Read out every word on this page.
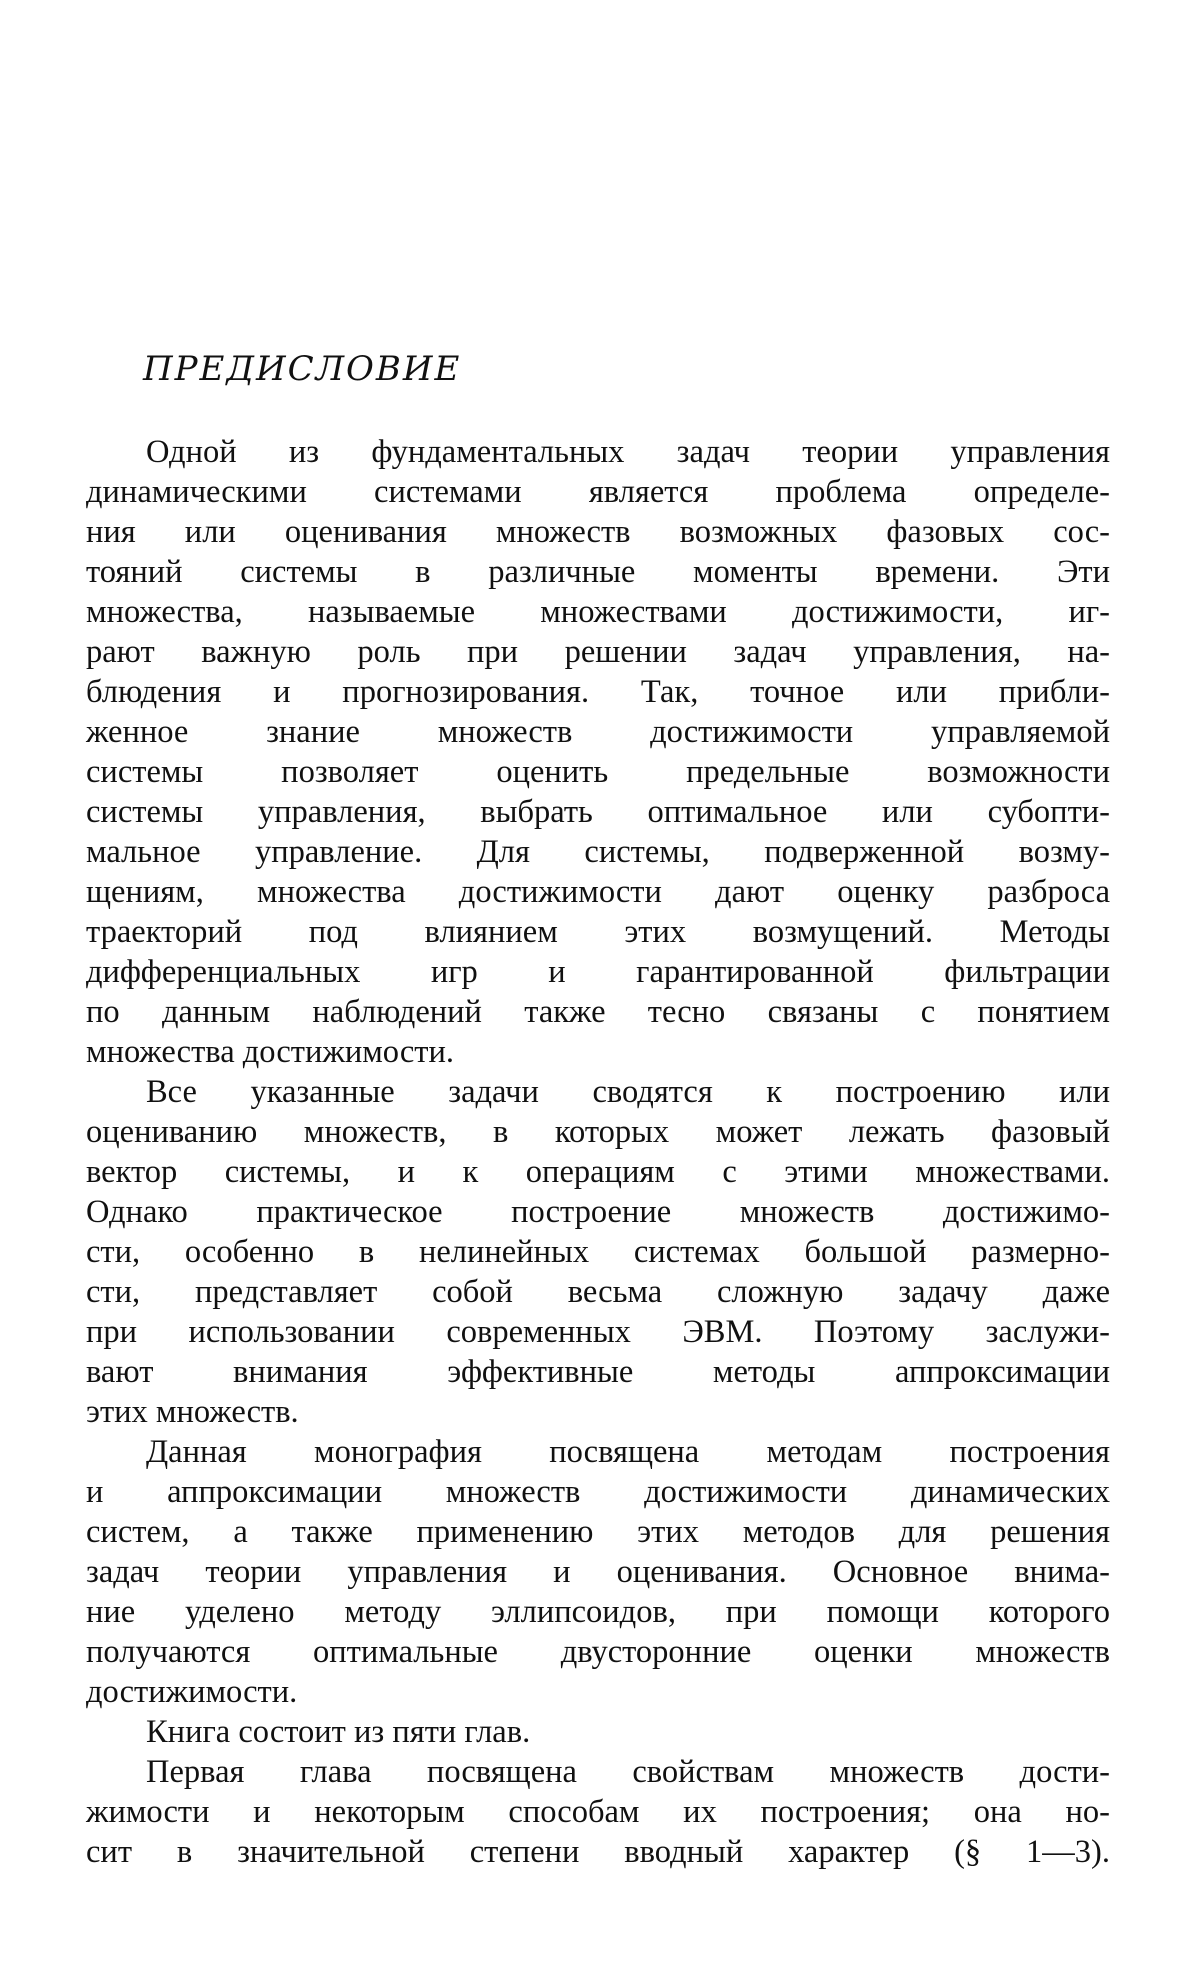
ПРЕДИСЛОВИЕ

Одной из фундаментальных задач теории управления
динамическими системами является проблема определе-
ния или оценивания множеств возможных фазовых сос-
тояний системы в различные моменты времени. Эти
множества, называемые множествами достижимости, иг-
рают важную роль при решении задач управления, на-
блюдения и прогнозирования. Так, точное или прибли-
женное знание множеств достижимости управляемой
системы позволяет оценить предельные возможности
системы управления, выбрать оптимальное или субопти-
мальное управление. Для системы, подверженной возму-
щениям, множества достижимости дают оценку разброса
траекторий под влиянием этих возмущений. Методы
дифференциальных игр и гарантированной фильтрации
по данным наблюдений также тесно связаны с понятием
множества достижимости.

Все указанные задачи сводятся к построению или
оцениванию множеств, в которых может лежать фазовый
вектор системы, и к операциям с этими множествами.
Однако практическое построение множеств достижимо-
сти, особенно в нелинейных системах большой размерно-
сти, представляет собой весьма сложную задачу даже
при использовании современных ЭВМ. Поэтому заслужи-
вают внимания эффективные методы аппроксимации
этих множеств.

Данная монография посвящена методам построения
и аппроксимации множеств достижимости динамических
систем, а также применению этих методов для решения
задач теории управления и оценивания. Основное внима-
ние уделено методу эллипсоидов, при помощи которого
получаются оптимальные двусторонние оценки множеств
достижимости.

Книга состоит из пяти глав.

Первая глава посвящена свойствам множеств дости-
жимости и некоторым способам их построения; она но-
сит в значительной степени вводный характер (§ 1—3).
